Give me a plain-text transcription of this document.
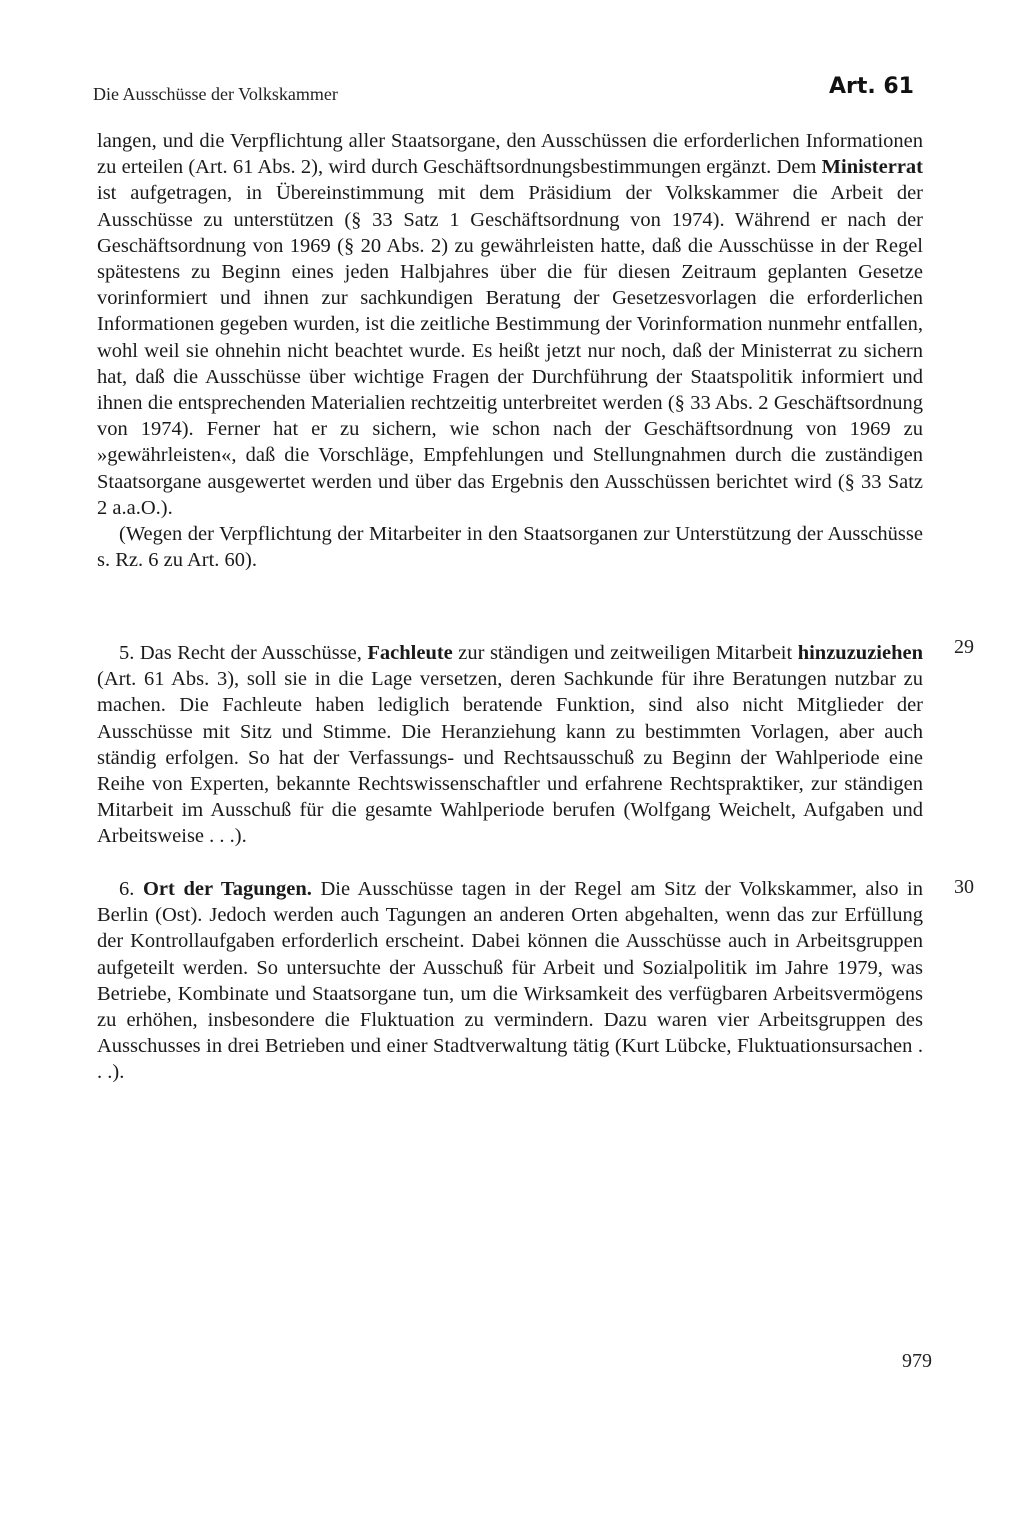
Die Ausschüsse der Volkskammer	Art. 61

langen, und die Verpflichtung aller Staatsorgane, den Ausschüssen die erforderlichen Informationen zu erteilen (Art. 61 Abs. 2), wird durch Geschäftsordnungsbestimmungen ergänzt. Dem Ministerrat ist aufgetragen, in Übereinstimmung mit dem Präsidium der Volkskammer die Arbeit der Ausschüsse zu unterstützen (§ 33 Satz 1 Geschäftsordnung von 1974). Während er nach der Geschäftsordnung von 1969 (§ 20 Abs. 2) zu gewährleisten hatte, daß die Ausschüsse in der Regel spätestens zu Beginn eines jeden Halbjahres über die für diesen Zeitraum geplanten Gesetze vorinformiert und ihnen zur sachkundigen Beratung der Gesetzesvorlagen die erforderlichen Informationen gegeben wurden, ist die zeitliche Bestimmung der Vorinformation nunmehr entfallen, wohl weil sie ohnehin nicht beachtet wurde. Es heißt jetzt nur noch, daß der Ministerrat zu sichern hat, daß die Ausschüsse über wichtige Fragen der Durchführung der Staatspolitik informiert und ihnen die entsprechenden Materialien rechtzeitig unterbreitet werden (§ 33 Abs. 2 Geschäftsordnung von 1974). Ferner hat er zu sichern, wie schon nach der Geschäftsordnung von 1969 zu »gewährleisten«, daß die Vorschläge, Empfehlungen und Stellungnahmen durch die zuständigen Staatsorgane ausgewertet werden und über das Ergebnis den Ausschüssen berichtet wird (§ 33 Satz 2 a.a.O.).

(Wegen der Verpflichtung der Mitarbeiter in den Staatsorganen zur Unterstützung der Ausschüsse s. Rz. 6 zu Art. 60).

29
5. Das Recht der Ausschüsse, Fachleute zur ständigen und zeitweiligen Mitarbeit hinzuzuziehen (Art. 61 Abs. 3), soll sie in die Lage versetzen, deren Sachkunde für ihre Beratungen nutzbar zu machen. Die Fachleute haben lediglich beratende Funktion, sind also nicht Mitglieder der Ausschüsse mit Sitz und Stimme. Die Heranziehung kann zu bestimmten Vorlagen, aber auch ständig erfolgen. So hat der Verfassungs- und Rechtsausschuß zu Beginn der Wahlperiode eine Reihe von Experten, bekannte Rechtswissenschaftler und erfahrene Rechtspraktiker, zur ständigen Mitarbeit im Ausschuß für die gesamte Wahlperiode berufen (Wolfgang Weichelt, Aufgaben und Arbeitsweise . . .).
30
6. Ort der Tagungen. Die Ausschüsse tagen in der Regel am Sitz der Volkskammer, also in Berlin (Ost). Jedoch werden auch Tagungen an anderen Orten abgehalten, wenn das zur Erfüllung der Kontrollaufgaben erforderlich erscheint. Dabei können die Ausschüsse auch in Arbeitsgruppen aufgeteilt werden. So untersuchte der Ausschuß für Arbeit und Sozialpolitik im Jahre 1979, was Betriebe, Kombinate und Staatsorgane tun, um die Wirksamkeit des verfügbaren Arbeitsvermögens zu erhöhen, insbesondere die Fluktuation zu vermindern. Dazu waren vier Arbeitsgruppen des Ausschusses in drei Betrieben und einer Stadtverwaltung tätig (Kurt Lübcke, Fluktuationsursachen . . .).
979
